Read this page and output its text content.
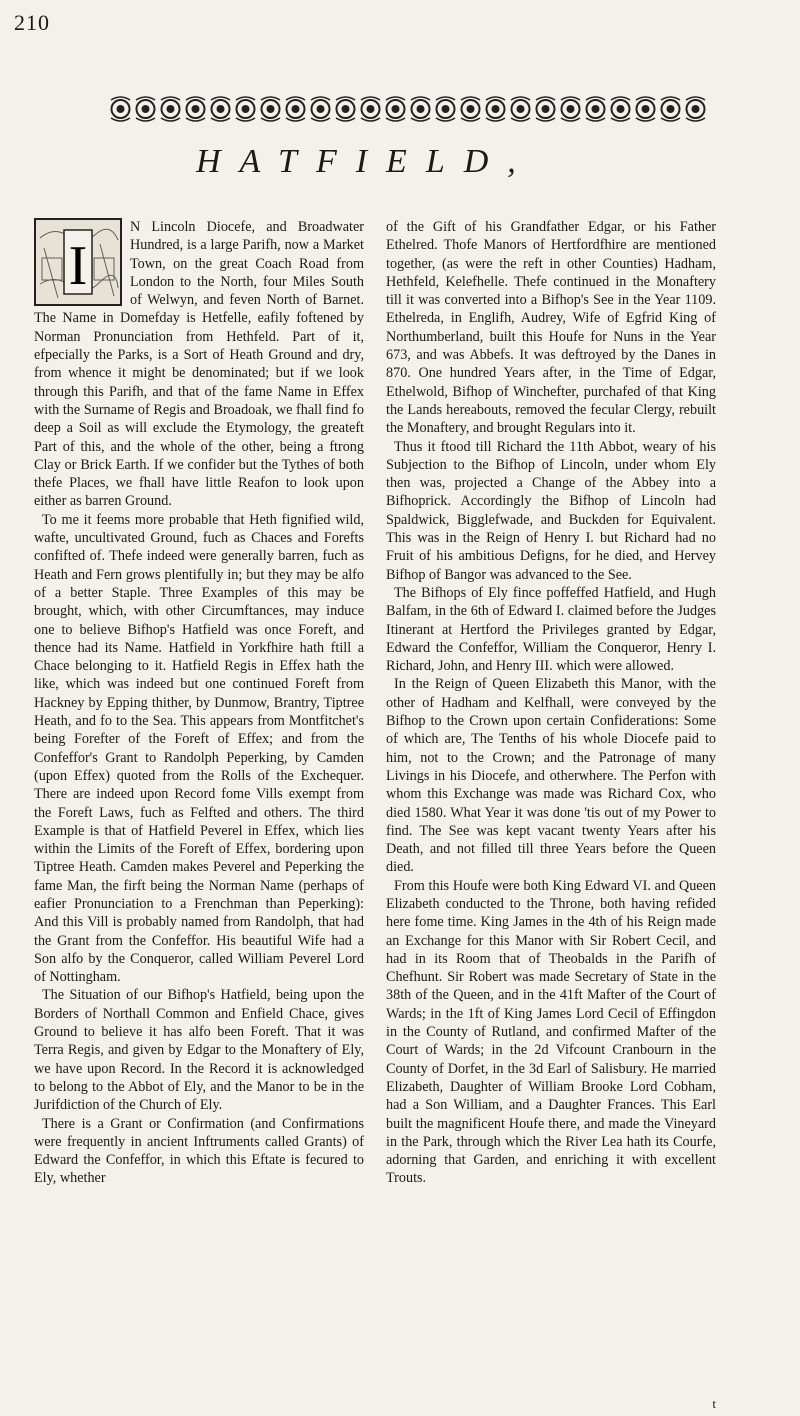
210
HATFIELD,
I

N Lincoln Diocefe, and Broadwater Hundred, is a large Parifh, now a Market Town, on the great Coach Road from London to the North, four Miles South of Welwyn, and feven North of Barnet. The Name in Domefday is Hetfelle, eafily foftened by Norman Pronunciation from Hethfeld. Part of it, efpecially the Parks, is a Sort of Heath Ground and dry, from whence it might be denominated; but if we look through this Parifh, and that of the fame Name in Effex with the Surname of Regis and Broadoak, we fhall find fo deep a Soil as will exclude the Etymology, the greateft Part of this, and the whole of the other, being a ftrong Clay or Brick Earth. If we confider but the Tythes of both thefe Places, we fhall have little Reafon to look upon either as barren Ground.

To me it feems more probable that Heth fignified wild, wafte, uncultivated Ground, fuch as Chaces and Forefts confifted of. Thefe indeed were generally barren, fuch as Heath and Fern grows plentifully in; but they may be alfo of a better Staple. Three Examples of this may be brought, which, with other Circumftances, may induce one to believe Bifhop's Hatfield was once Foreft, and thence had its Name. Hatfield in Yorkfhire hath ftill a Chace belonging to it. Hatfield Regis in Effex hath the like, which was indeed but one continued Foreft from Hackney by Epping thither, by Dunmow, Brantry, Tiptree Heath, and fo to the Sea. This appears from Montfitchet's being Forefter of the Foreft of Effex; and from the Confeffor's Grant to Randolph Peperking, by Camden (upon Effex) quoted from the Rolls of the Exchequer. There are indeed upon Record fome Vills exempt from the Foreft Laws, fuch as Felfted and others. The third Example is that of Hatfield Peverel in Effex, which lies within the Limits of the Foreft of Effex, bordering upon Tiptree Heath. Camden makes Peverel and Peperking the fame Man, the firft being the Norman Name (perhaps of eafier Pronunciation to a Frenchman than Peperking): And this Vill is probably named from Randolph, that had the Grant from the Confeffor. His beautiful Wife had a Son alfo by the Conqueror, called William Peverel Lord of Nottingham.

The Situation of our Bifhop's Hatfield, being upon the Borders of Northall Common and Enfield Chace, gives Ground to believe it has alfo been Foreft. That it was Terra Regis, and given by Edgar to the Monaftery of Ely, we have upon Record. In the Record it is acknowledged to belong to the Abbot of Ely, and the Manor to be in the Jurifdiction of the Church of Ely.

There is a Grant or Confirmation (and Confirmations were frequently in ancient Inftruments called Grants) of Edward the Confeffor, in which this Eftate is fecured to Ely, whether

of the Gift of his Grandfather Edgar, or his Father Ethelred. Thofe Manors of Hertfordfhire are mentioned together, (as were the reft in other Counties) Hadham, Hethfeld, Kelefhelle. Thefe continued in the Monaftery till it was converted into a Bifhop's See in the Year 1109. Ethelreda, in Englifh, Audrey, Wife of Egfrid King of Northumberland, built this Houfe for Nuns in the Year 673, and was Abbefs. It was deftroyed by the Danes in 870. One hundred Years after, in the Time of Edgar, Ethelwold, Bifhop of Winchefter, purchafed of that King the Lands hereabouts, removed the fecular Clergy, rebuilt the Monaftery, and brought Regulars into it.

Thus it ftood till Richard the 11th Abbot, weary of his Subjection to the Bifhop of Lincoln, under whom Ely then was, projected a Change of the Abbey into a Bifhoprick. Accordingly the Bifhop of Lincoln had Spaldwick, Bigglefwade, and Buckden for Equivalent. This was in the Reign of Henry I. but Richard had no Fruit of his ambitious Defigns, for he died, and Hervey Bifhop of Bangor was advanced to the See.

The Bifhops of Ely fince poffeffed Hatfield, and Hugh Balfam, in the 6th of Edward I. claimed before the Judges Itinerant at Hertford the Privileges granted by Edgar, Edward the Confeffor, William the Conqueror, Henry I. Richard, John, and Henry III. which were allowed.

In the Reign of Queen Elizabeth this Manor, with the other of Hadham and Kelfhall, were conveyed by the Bifhop to the Crown upon certain Confiderations: Some of which are, The Tenths of his whole Diocefe paid to him, not to the Crown; and the Patronage of many Livings in his Diocefe, and otherwhere. The Perfon with whom this Exchange was made was Richard Cox, who died 1580. What Year it was done 'tis out of my Power to find. The See was kept vacant twenty Years after his Death, and not filled till three Years before the Queen died.

From this Houfe were both King Edward VI. and Queen Elizabeth conducted to the Throne, both having refided here fome time. King James in the 4th of his Reign made an Exchange for this Manor with Sir Robert Cecil, and had in its Room that of Theobalds in the Parifh of Chefhunt. Sir Robert was made Secretary of State in the 38th of the Queen, and in the 41ft Mafter of the Court of Wards; in the 1ft of King James Lord Cecil of Effingdon in the County of Rutland, and confirmed Mafter of the Court of Wards; in the 2d Vifcount Cranbourn in the County of Dorfet, in the 3d Earl of Salisbury. He married Elizabeth, Daughter of William Brooke Lord Cobham, had a Son William, and a Daughter Frances. This Earl built the magnificent Houfe there, and made the Vineyard in the Park, through which the River Lea hath its Courfe, adorning that Garden, and enriching it with excellent Trouts.

t
